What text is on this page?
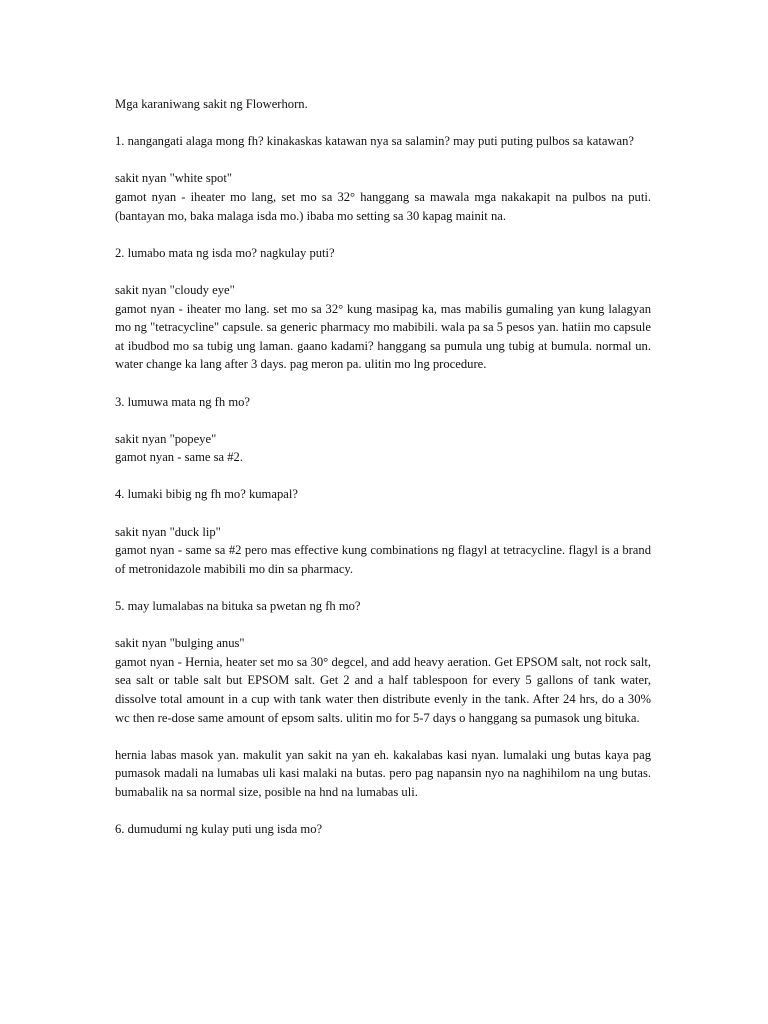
Mga karaniwang sakit ng Flowerhorn.

1. nangangati alaga mong fh? kinakaskas katawan nya sa salamin? may puti puting pulbos sa katawan?

sakit nyan "white spot"
gamot nyan - iheater mo lang, set mo sa 32° hanggang sa mawala mga nakakapit na pulbos na puti. (bantayan mo, baka malaga isda mo.) ibaba mo setting sa 30 kapag mainit na.

2. lumabo mata ng isda mo? nagkulay puti?

sakit nyan "cloudy eye"
gamot nyan - iheater mo lang. set mo sa 32° kung masipag ka, mas mabilis gumaling yan kung lalagyan mo ng "tetracycline" capsule. sa generic pharmacy mo mabibili. wala pa sa 5 pesos yan. hatiin mo capsule at ibudbod mo sa tubig ung laman. gaano kadami? hanggang sa pumula ung tubig at bumula. normal un. water change ka lang after 3 days. pag meron pa. ulitin mo lng procedure.

3. lumuwa mata ng fh mo?

sakit nyan "popeye"
gamot nyan - same sa #2.

4. lumaki bibig ng fh mo? kumapal?

sakit nyan "duck lip"
gamot nyan - same sa #2 pero mas effective kung combinations ng flagyl at tetracycline. flagyl is a brand of metronidazole mabibili mo din sa pharmacy.

5. may lumalabas na bituka sa pwetan ng fh mo?

sakit nyan "bulging anus"
gamot nyan - Hernia, heater set mo sa 30° degcel, and add heavy aeration. Get EPSOM salt, not rock salt, sea salt or table salt but EPSOM salt. Get 2 and a half tablespoon for every 5 gallons of tank water, dissolve total amount in a cup with tank water then distribute evenly in the tank. After 24 hrs, do a 30% wc then re-dose same amount of epsom salts. ulitin mo for 5-7 days o hanggang sa pumasok ung bituka.

hernia labas masok yan. makulit yan sakit na yan eh. kakalabas kasi nyan. lumalaki ung butas kaya pag pumasok madali na lumabas uli kasi malaki na butas. pero pag napansin nyo na naghihilom na ung butas. bumabalik na sa normal size, posible na hnd na lumabas uli.

6. dumudumi ng kulay puti ung isda mo?
